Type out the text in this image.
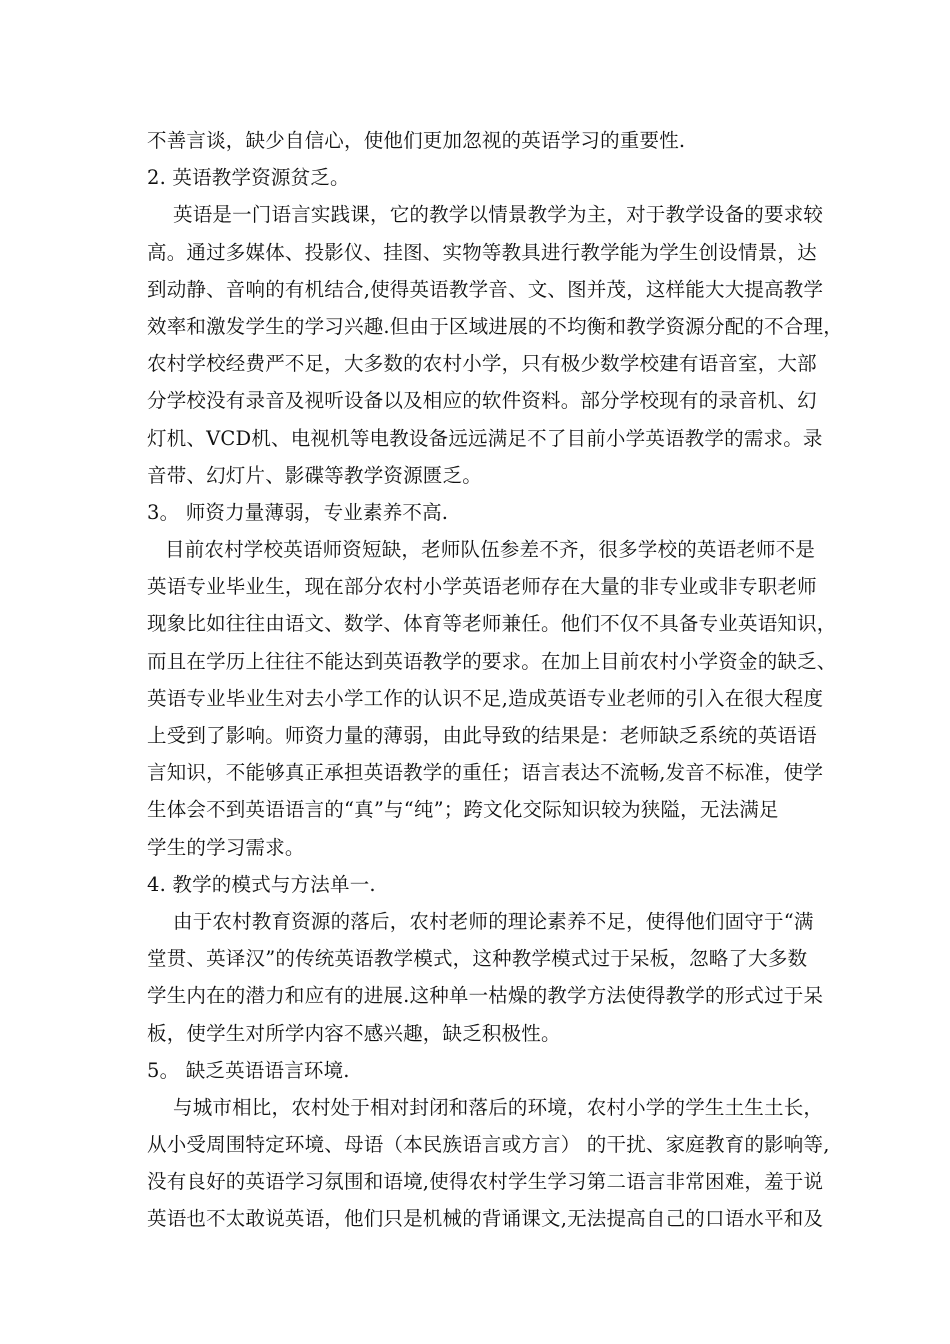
不善言谈，缺少自信心，使他们更加忽视的英语学习的重要性.
2. 英语教学资源贫乏。
英语是一门语言实践课，它的教学以情景教学为主，对于教学设备的要求较
高。通过多媒体、投影仪、挂图、实物等教具进行教学能为学生创设情景，达
到动静、音响的有机结合,使得英语教学音、文、图并茂，这样能大大提高教学
效率和激发学生的学习兴趣.但由于区域进展的不均衡和教学资源分配的不合理，
农村学校经费严不足，大多数的农村小学，只有极少数学校建有语音室，大部
分学校没有录音及视听设备以及相应的软件资料。部分学校现有的录音机、幻
灯机、VCD机、电视机等电教设备远远满足不了目前小学英语教学的需求。录
音带、幻灯片、影碟等教学资源匮乏。
3。 师资力量薄弱，专业素养不高.
目前农村学校英语师资短缺，老师队伍参差不齐，很多学校的英语老师不是
英语专业毕业生，现在部分农村小学英语老师存在大量的非专业或非专职老师
现象比如往往由语文、数学、体育等老师兼任。他们不仅不具备专业英语知识，
而且在学历上往往不能达到英语教学的要求。在加上目前农村小学资金的缺乏、
英语专业毕业生对去小学工作的认识不足,造成英语专业老师的引入在很大程度
上受到了影响。师资力量的薄弱，由此导致的结果是：老师缺乏系统的英语语
言知识，不能够真正承担英语教学的重任；语言表达不流畅,发音不标准，使学
生体会不到英语语言的“真”与“纯”；跨文化交际知识较为狭隘，无法满足
学生的学习需求。
4. 教学的模式与方法单一.
由于农村教育资源的落后，农村老师的理论素养不足，使得他们固守于“满
堂贯、英译汉”的传统英语教学模式，这种教学模式过于呆板，忽略了大多数
学生内在的潜力和应有的进展.这种单一枯燥的教学方法使得教学的形式过于呆
板，使学生对所学内容不感兴趣，缺乏积极性。
5。 缺乏英语语言环境.
与城市相比，农村处于相对封闭和落后的环境，农村小学的学生土生土长，
从小受周围特定环境、母语（本民族语言或方言） 的干扰、家庭教育的影响等,
没有良好的英语学习氛围和语境,使得农村学生学习第二语言非常困难，羞于说
英语也不太敢说英语，他们只是机械的背诵课文,无法提高自己的口语水平和及
